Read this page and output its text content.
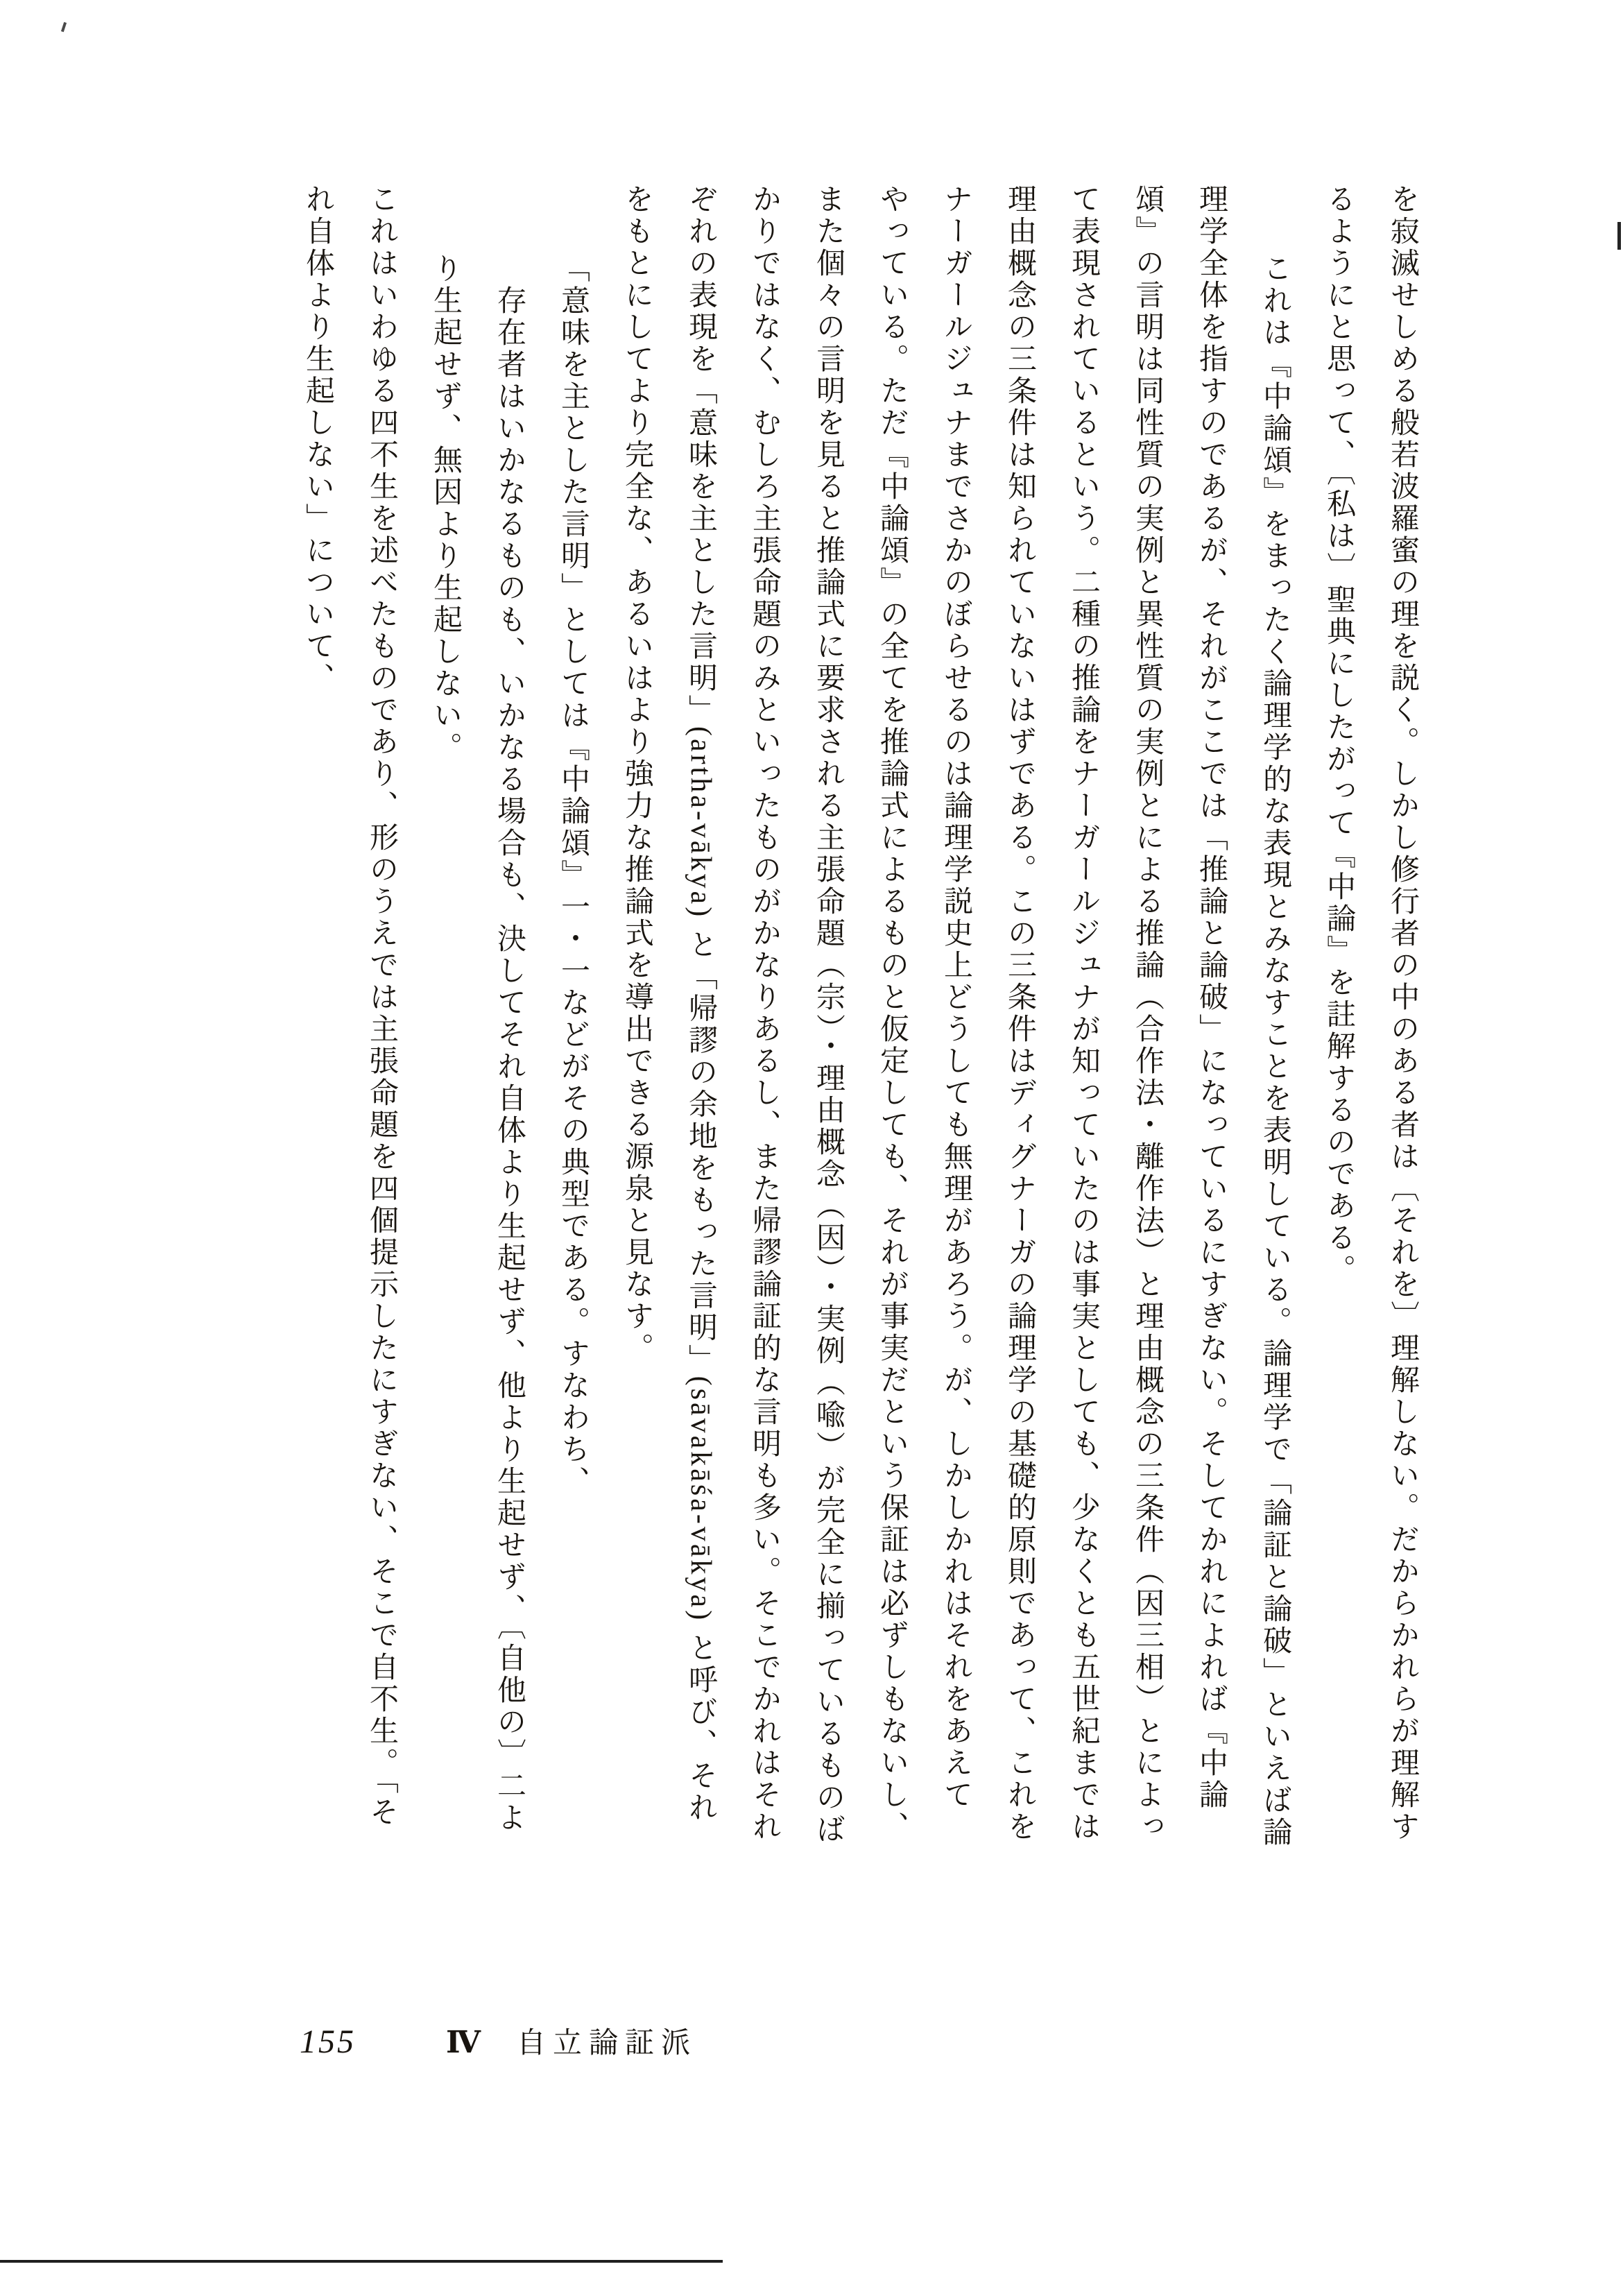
を寂滅せしめる般若波羅蜜の理を説く。しかし修行者の中のある者は〔それを〕理解しない。だからかれらが理解するようにと思って、〔私は〕聖典にしたがって『中論』を註解するのである。

これは『中論頌』をまったく論理学的な表現とみなすことを表明している。論理学で「論証と論破」といえば論理学全体を指すのであるが、それがここでは「推論と論破」になっているにすぎない。そしてかれによれば『中論頌』の言明は同性質の実例と異性質の実例とによる推論（合作法・離作法）と理由概念の三条件（因三相）とによって表現されているという。二種の推論をナーガールジュナが知っていたのは事実としても、少なくとも五世紀までは理由概念の三条件は知られていないはずである。この三条件はディグナーガの論理学の基礎的原則であって、これをナーガールジュナまでさかのぼらせるのは論理学説史上どうしても無理があろう。が、しかしかれはそれをあえてやっている。ただ『中論頌』の全てを推論式によるものと仮定しても、それが事実だという保証は必ずしもないし、また個々の言明を見ると推論式に要求される主張命題（宗）・理由概念（因）・実例（喩）が完全に揃っているものばかりではなく、むしろ主張命題のみといったものがかなりあるし、また帰謬論証的な言明も多い。そこでかれはそれぞれの表現を「意味を主とした言明」(artha-vākya) と「帰謬の余地をもった言明」(sāvakāśa-vākya) と呼び、それをもとにしてより完全な、あるいはより強力な推論式を導出できる源泉と見なす。

「意味を主とした言明」としては『中論頌』一・一などがその典型である。すなわち、

存在者はいかなるものも、いかなる場合も、決してそれ自体より生起せず、他より生起せず、〔自他の〕二より生起せず、無因より生起しない。

これはいわゆる四不生を述べたものであり、形のうえでは主張命題を四個提示したにすぎない、そこで自不生。「それ自体より生起しない」について、

155	Ⅳ 自立論証派
